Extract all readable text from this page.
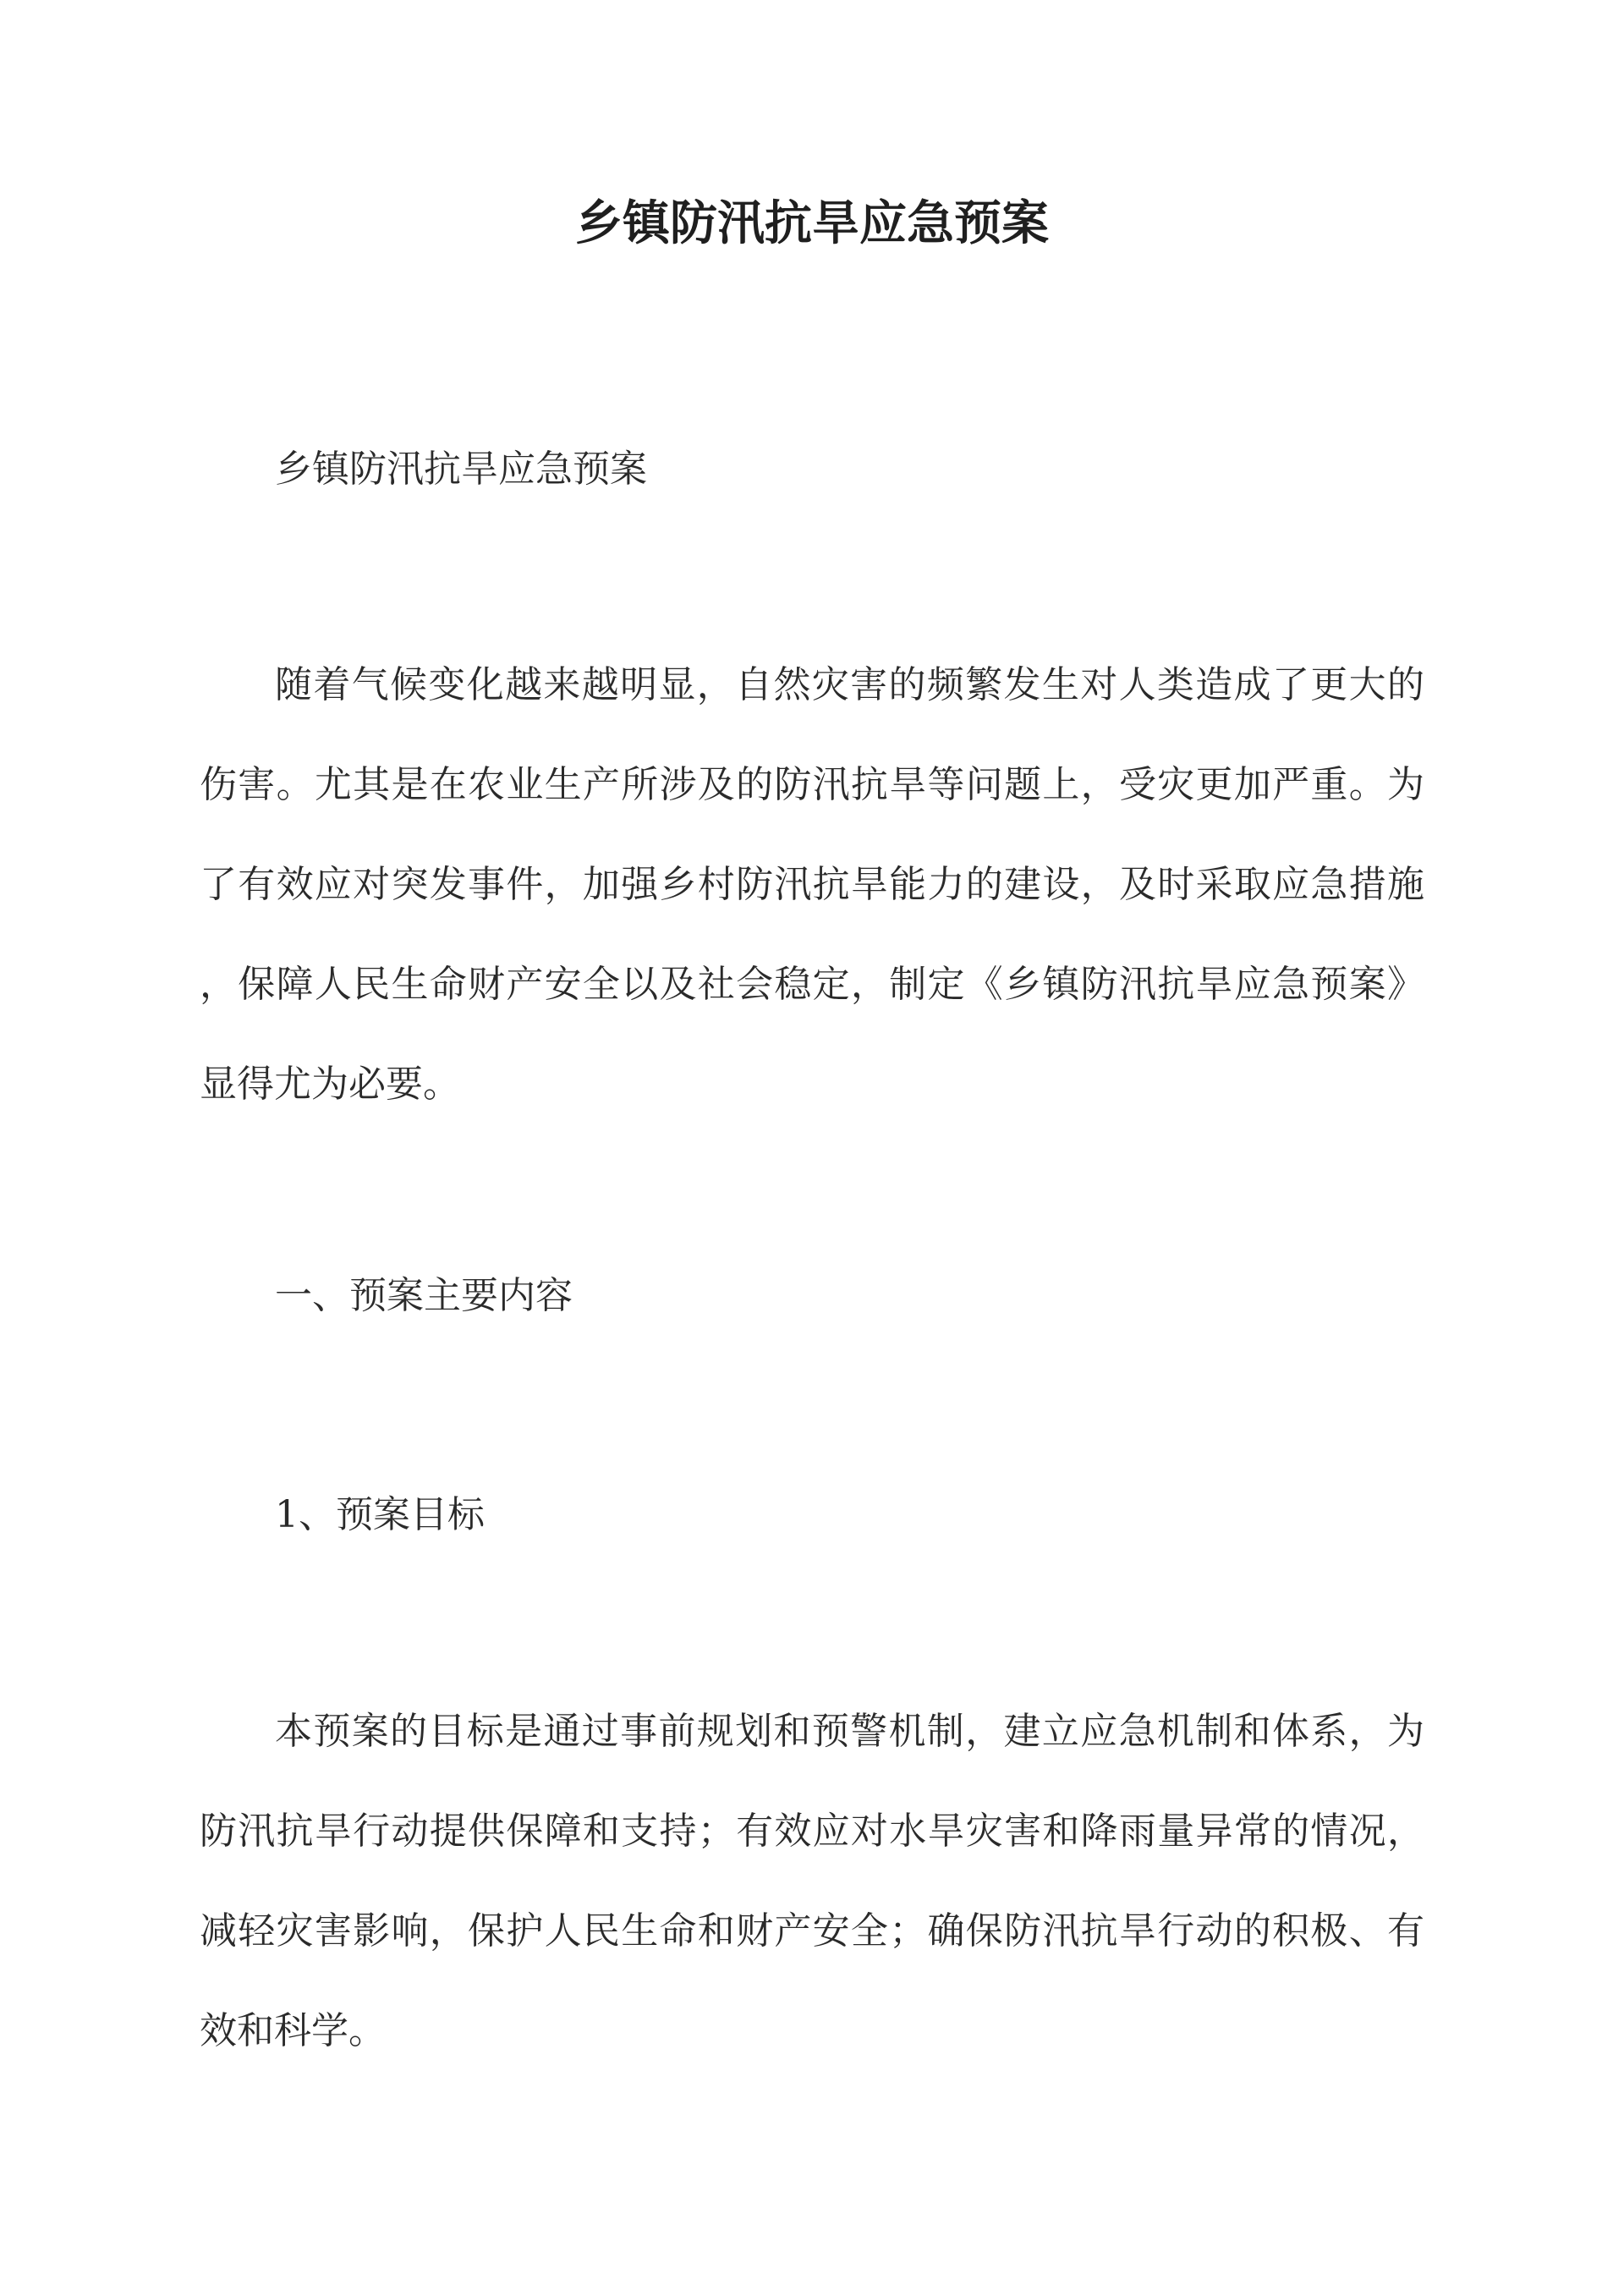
乡镇防汛抗旱应急预案

乡镇防汛抗旱应急预案

随着气候变化越来越明显，自然灾害的频繁发生对人类造成了更大的
伤害。尤其是在农业生产所涉及的防汛抗旱等问题上，受灾更加严重。为
了有效应对突发事件，加强乡村防汛抗旱能力的建设，及时采取应急措施
，保障人民生命财产安全以及社会稳定，制定《乡镇防汛抗旱应急预案》
显得尤为必要。

一、预案主要内容

1、预案目标

本预案的目标是通过事前规划和预警机制，建立应急机制和体系，为
防汛抗旱行动提供保障和支持；有效应对水旱灾害和降雨量异常的情况，
减轻灾害影响，保护人民生命和财产安全；确保防汛抗旱行动的积极、有
效和科学。
